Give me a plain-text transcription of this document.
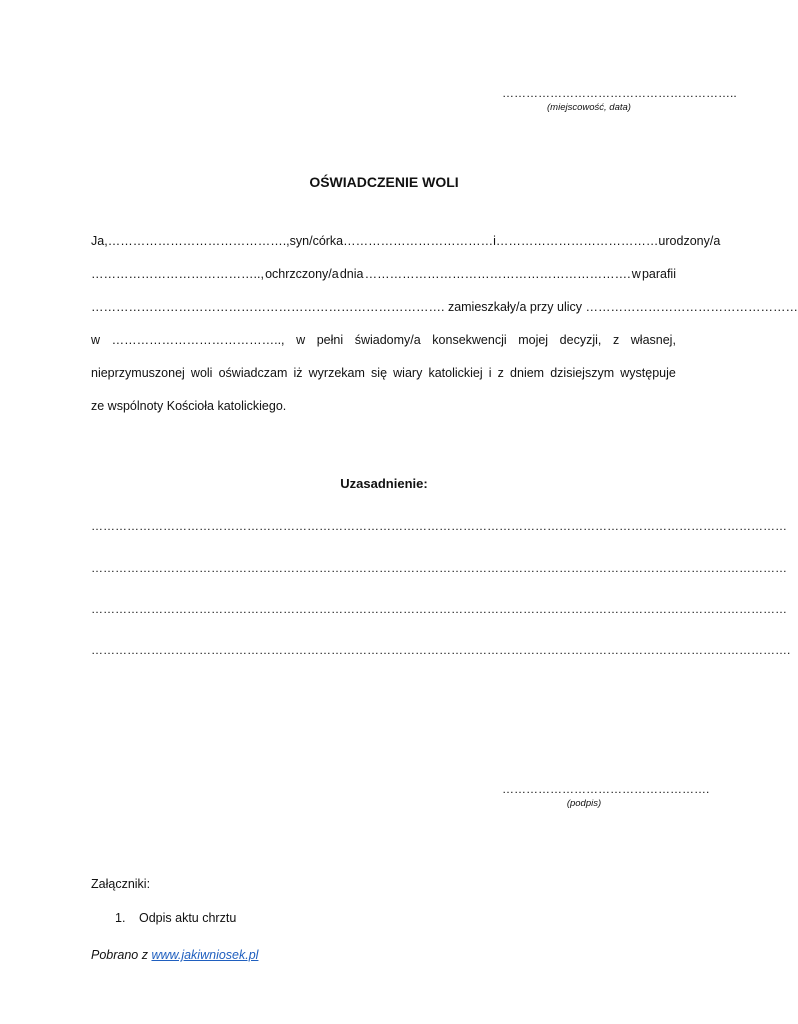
…………………………………………………..
(miejscowość, data)
OŚWIADCZENIE WOLI
Ja, ……………………………………., syn/córka ……………………………… i ………………………………… urodzony/a
………………………………….., ochrzczony/a dnia ………………………………………………………. w parafii
…………………………………………………………………………. zamieszkały/a przy ulicy ……………………………………………
w ………………………………….., w pełni świadomy/a konsekwencji mojej decyzji, z własnej,
nieprzymuszonej woli oświadczam iż wyrzekam się wiary katolickiej i z dniem dzisiejszym występuje
ze wspólnoty Kościoła katolickiego.
Uzasadnienie:
…………………………………………………………………………………………………………………………………………………………
…………………………………………………………………………………………………………………………………………………………
…………………………………………………………………………………………………………………………………………………………
………………………………………………………………………………………………………………………………………………………….
…………………………………………….
(podpis)
Załączniki:
1. Odpis aktu chrztu
Pobrano z www.jakiwniosek.pl
